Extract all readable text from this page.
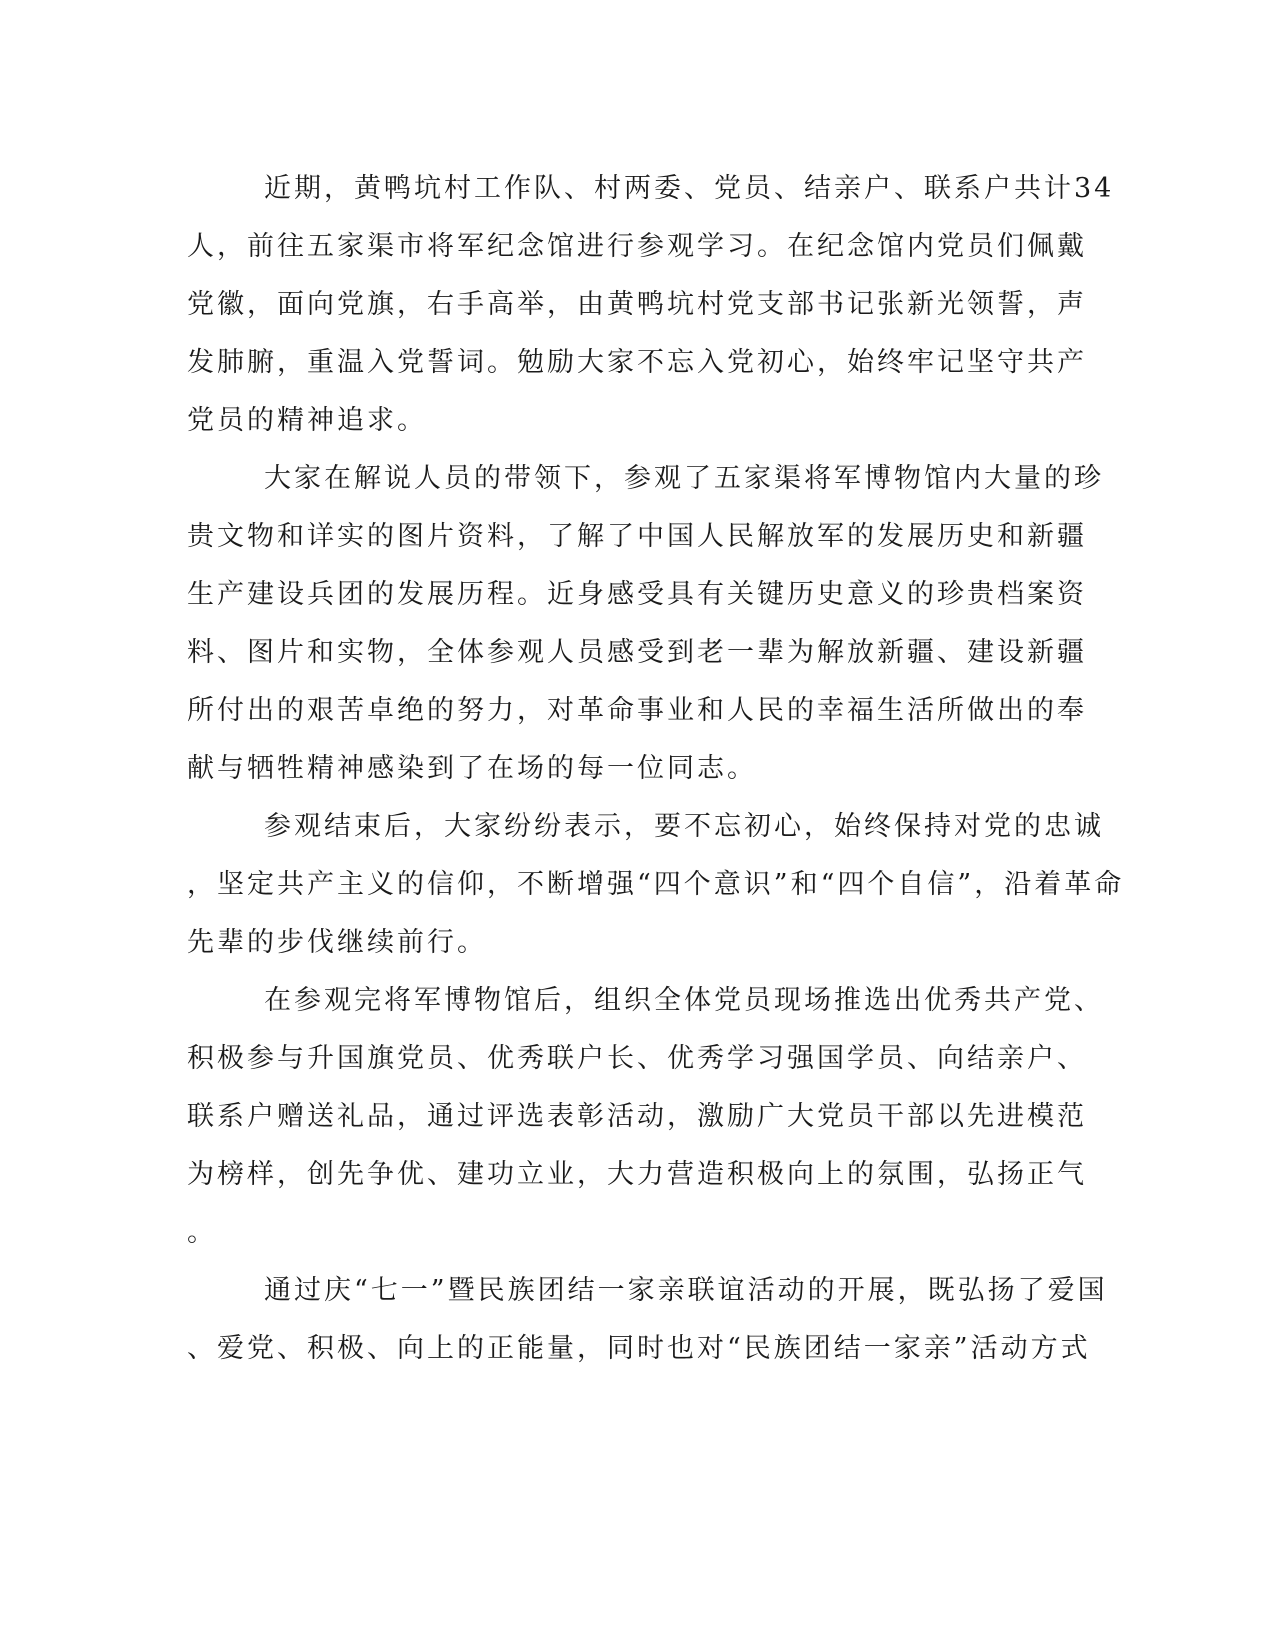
近期，黄鸭坑村工作队、村两委、党员、结亲户、联系户共计34
人，前往五家渠市将军纪念馆进行参观学习。在纪念馆内党员们佩戴
党徽，面向党旗，右手高举，由黄鸭坑村党支部书记张新光领誓，声
发肺腑，重温入党誓词。勉励大家不忘入党初心，始终牢记坚守共产
党员的精神追求。
大家在解说人员的带领下，参观了五家渠将军博物馆内大量的珍
贵文物和详实的图片资料，了解了中国人民解放军的发展历史和新疆
生产建设兵团的发展历程。近身感受具有关键历史意义的珍贵档案资
料、图片和实物，全体参观人员感受到老一辈为解放新疆、建设新疆
所付出的艰苦卓绝的努力，对革命事业和人民的幸福生活所做出的奉
献与牺牲精神感染到了在场的每一位同志。
参观结束后，大家纷纷表示，要不忘初心，始终保持对党的忠诚
，坚定共产主义的信仰，不断增强“四个意识”和“四个自信”，沿着革命
先辈的步伐继续前行。
在参观完将军博物馆后，组织全体党员现场推选出优秀共产党、
积极参与升国旗党员、优秀联户长、优秀学习强国学员、向结亲户、
联系户赠送礼品，通过评选表彰活动，激励广大党员干部以先进模范
为榜样，创先争优、建功立业，大力营造积极向上的氛围，弘扬正气
。
通过庆“七一”暨民族团结一家亲联谊活动的开展，既弘扬了爱国
、爱党、积极、向上的正能量，同时也对“民族团结一家亲”活动方式
